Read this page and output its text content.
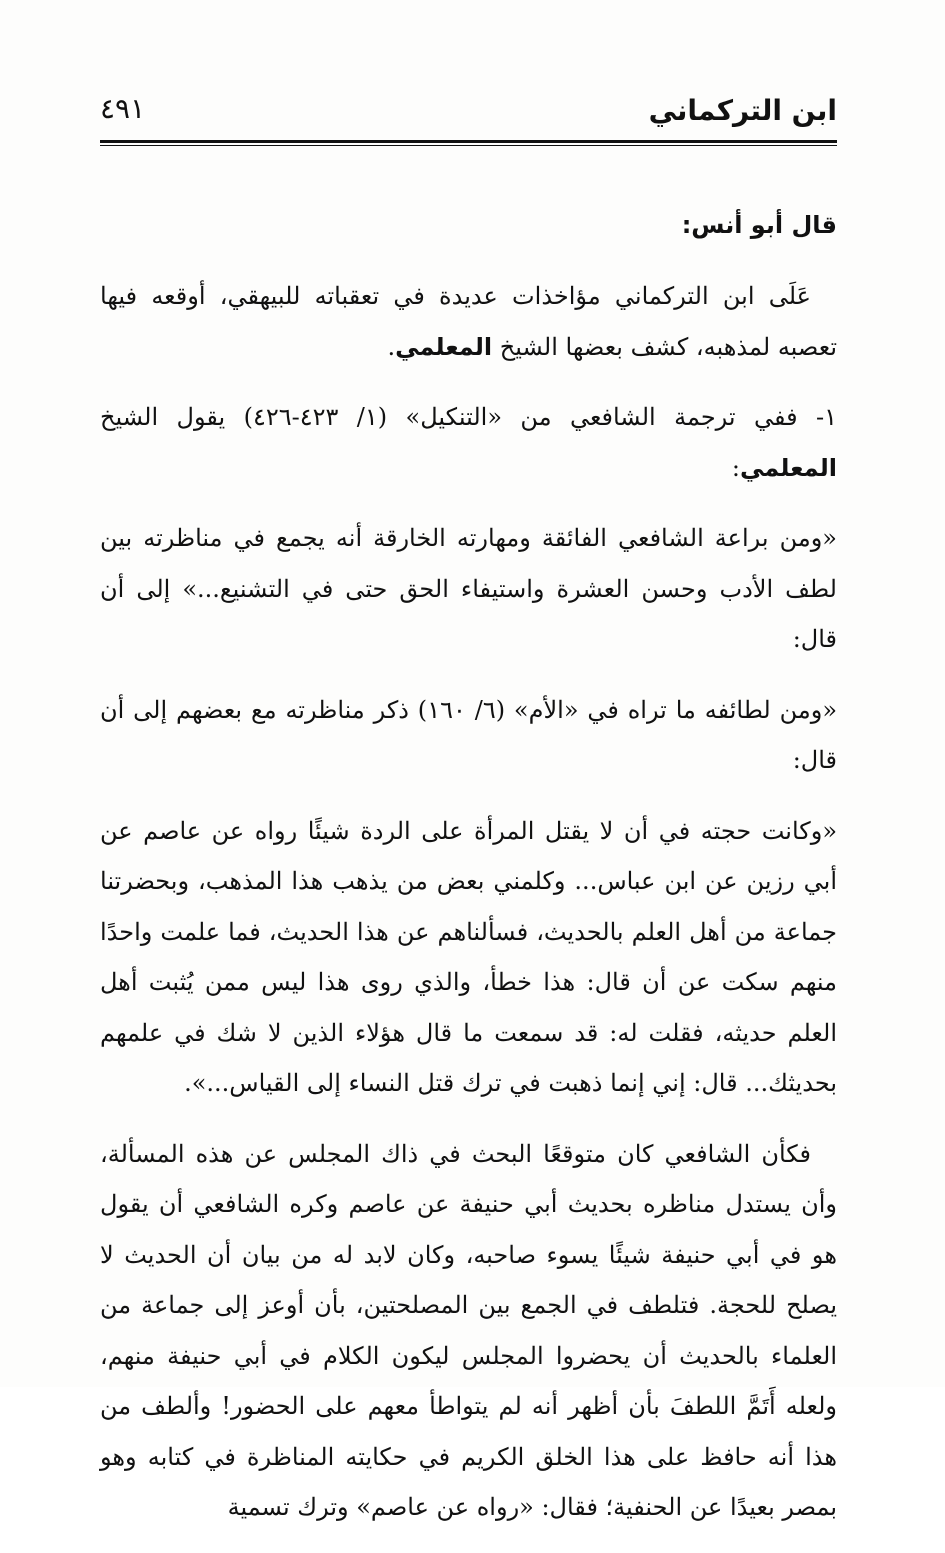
ابن التركماني
٤٩١

قال أبو أنس:

عَلَى ابن التركماني مؤاخذات عديدة في تعقباته للبيهقي، أوقعه فيها تعصبه لمذهبه، كشف بعضها الشيخ المعلمي.

١- ففي ترجمة الشافعي من «التنكيل» (١/ ٤٢٣-٤٢٦) يقول الشيخ المعلمي:

«ومن براعة الشافعي الفائقة ومهارته الخارقة أنه يجمع في مناظرته بين لطف الأدب وحسن العشرة واستيفاء الحق حتى في التشنيع...» إلى أن قال:

«ومن لطائفه ما تراه في «الأم» (٦/ ١٦٠) ذكر مناظرته مع بعضهم إلى أن قال:

«وكانت حجته في أن لا يقتل المرأة على الردة شيئًا رواه عن عاصم عن أبي رزين عن ابن عباس... وكلمني بعض من يذهب هذا المذهب، وبحضرتنا جماعة من أهل العلم بالحديث، فسألناهم عن هذا الحديث، فما علمت واحدًا منهم سكت عن أن قال: هذا خطأ، والذي روى هذا ليس ممن يُثبت أهل العلم حديثه، فقلت له: قد سمعت ما قال هؤلاء الذين لا شك في علمهم بحديثك... قال: إني إنما ذهبت في ترك قتل النساء إلى القياس...».

فكأن الشافعي كان متوقعًا البحث في ذاك المجلس عن هذه المسألة، وأن يستدل مناظره بحديث أبي حنيفة عن عاصم وكره الشافعي أن يقول هو في أبي حنيفة شيئًا يسوء صاحبه، وكان لابد له من بيان أن الحديث لا يصلح للحجة. فتلطف في الجمع بين المصلحتين، بأن أوعز إلى جماعة من العلماء بالحديث أن يحضروا المجلس ليكون الكلام في أبي حنيفة منهم، ولعله أَتَمَّ اللطفَ بأن أظهر أنه لم يتواطأ معهم على الحضور! وألطف من هذا أنه حافظ على هذا الخلق الكريم في حكايته المناظرة في كتابه وهو بمصر بعيدًا عن الحنفية؛ فقال: «رواه عن عاصم» وترك تسمية
